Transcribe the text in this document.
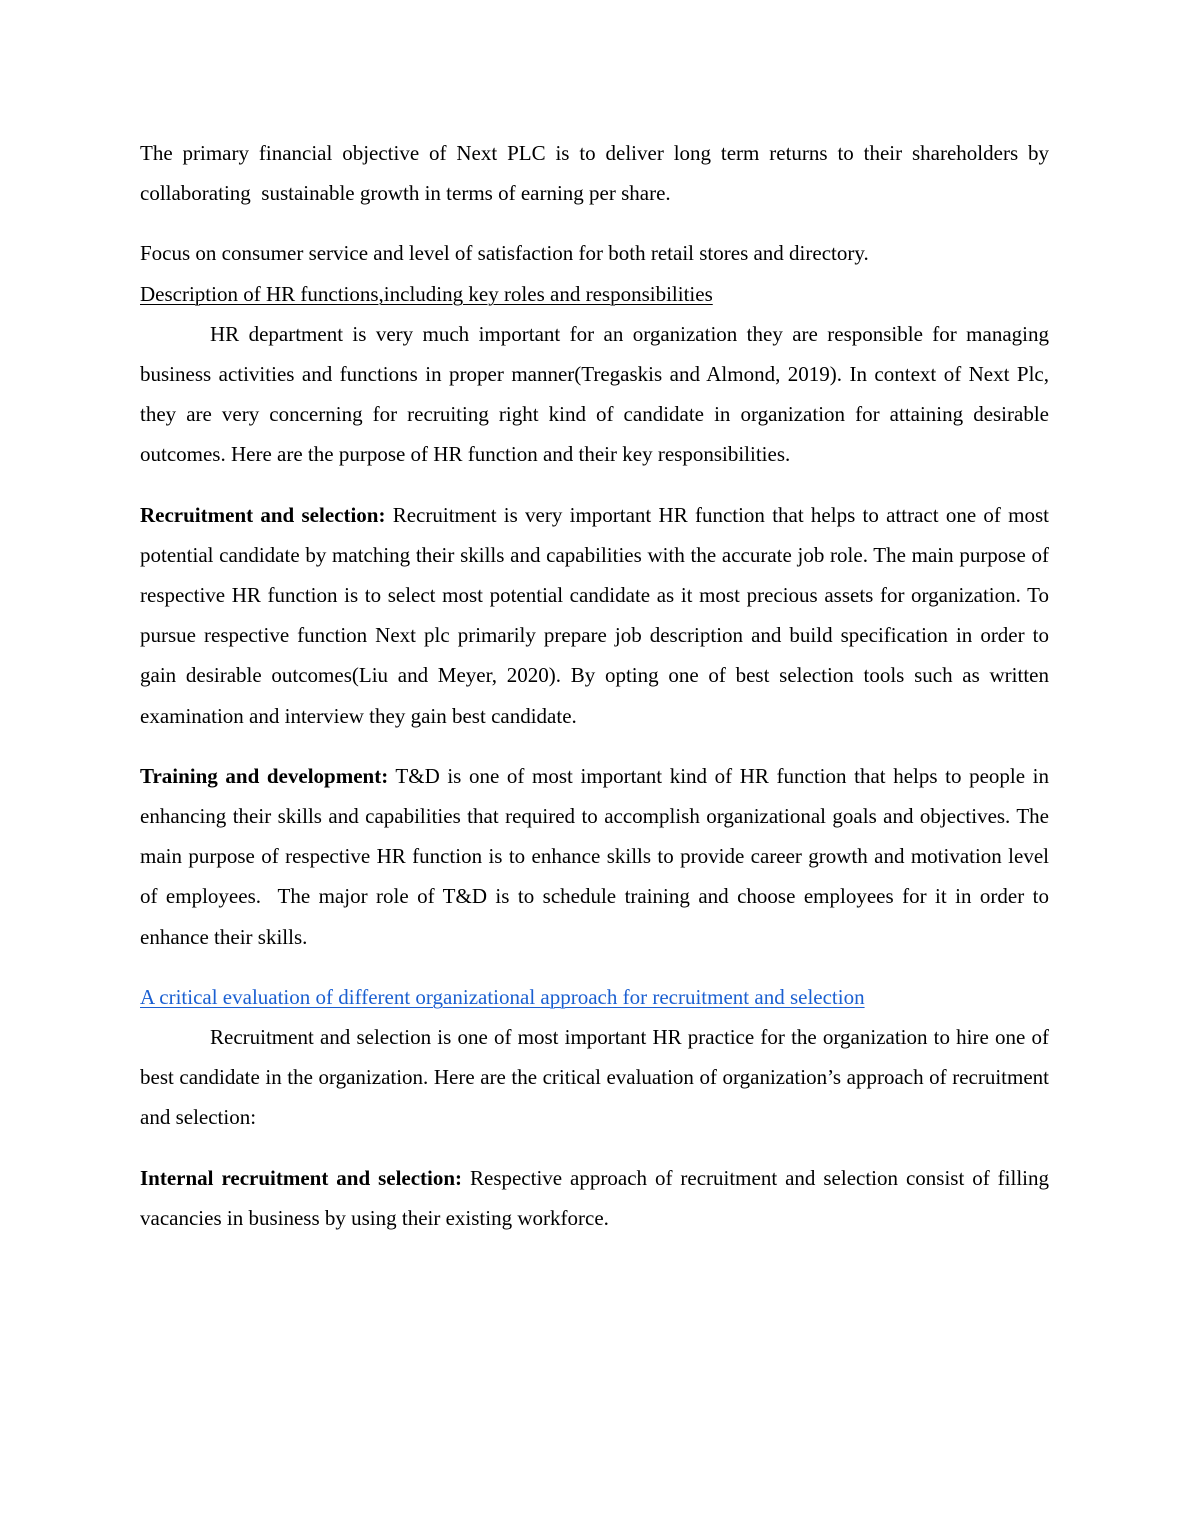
The primary financial objective of Next PLC is to deliver long term returns to their shareholders by collaborating  sustainable growth in terms of earning per share.

Focus on consumer service and level of satisfaction for both retail stores and directory.

Description of HR functions,including key roles and responsibilities

HR department is very much important for an organization they are responsible for managing business activities and functions in proper manner(Tregaskis and Almond, 2019). In context of Next Plc, they are very concerning for recruiting right kind of candidate in organization for attaining desirable outcomes. Here are the purpose of HR function and their key responsibilities.

Recruitment and selection: Recruitment is very important HR function that helps to attract one of most potential candidate by matching their skills and capabilities with the accurate job role. The main purpose of respective HR function is to select most potential candidate as it most precious assets for organization. To pursue respective function Next plc primarily prepare job description and build specification in order to gain desirable outcomes(Liu and Meyer, 2020). By opting one of best selection tools such as written examination and interview they gain best candidate.

Training and development: T&D is one of most important kind of HR function that helps to people in enhancing their skills and capabilities that required to accomplish organizational goals and objectives. The main purpose of respective HR function is to enhance skills to provide career growth and motivation level of employees.  The major role of T&D is to schedule training and choose employees for it in order to enhance their skills.

A critical evaluation of different organizational approach for recruitment and selection

Recruitment and selection is one of most important HR practice for the organization to hire one of best candidate in the organization. Here are the critical evaluation of organization’s approach of recruitment and selection:

Internal recruitment and selection: Respective approach of recruitment and selection consist of filling vacancies in business by using their existing workforce.
